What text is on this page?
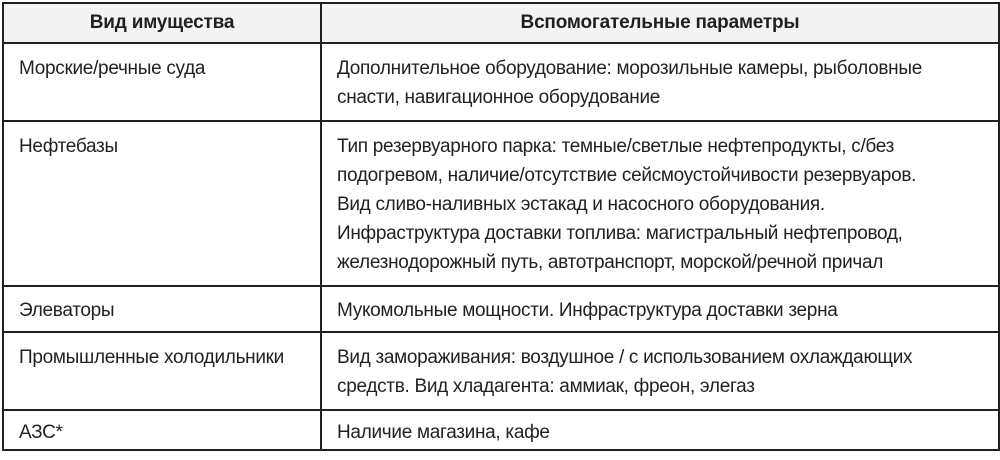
Вид имущества	Вспомогательные параметры
Морские/речные суда	Дополнительное оборудование: морозильные камеры, рыболовные
снасти, навигационное оборудование

Нефтебазы	Тип резервуарного парка: темные/светлые нефтепродукты, с/без
подогревом, наличие/отсутствие сейсмоустойчивости резервуаров.
Вид сливо-наливных эстакад и насосного оборудования.
Инфраструктура доставки топлива: магистральный нефтепровод,
железнодорожный путь, автотранспорт, морской/речной причал

Элеваторы	Мукомольные мощности. Инфраструктура доставки зерна

Промышленные холодильники	Вид замораживания: воздушное / с использованием охлаждающих
средств. Вид хладагента: аммиак, фреон, элегаз

АЗС*	Наличие магазина, кафе
